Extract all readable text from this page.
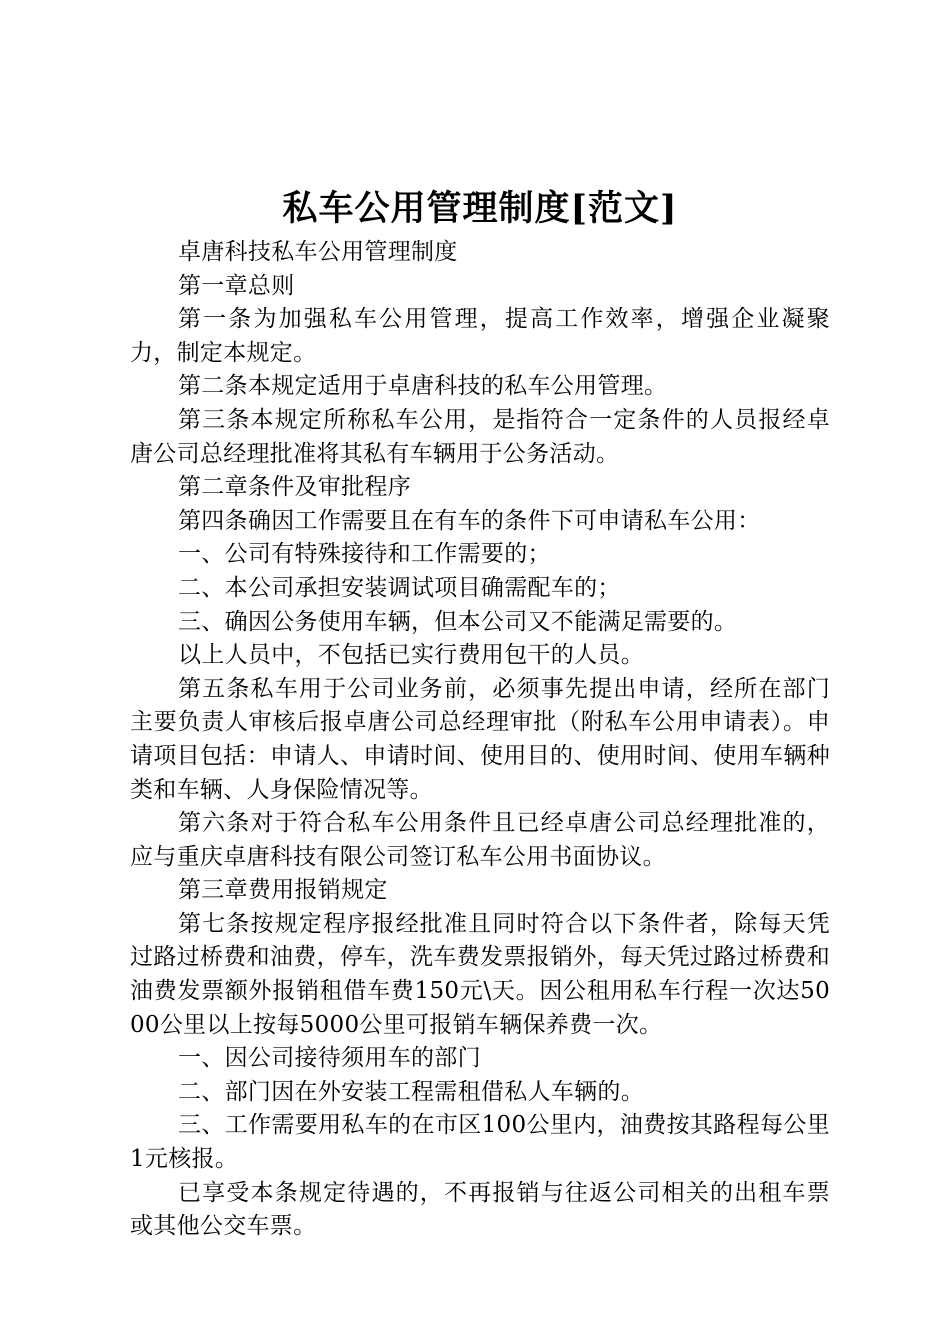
私车公用管理制度[范文]

卓唐科技私车公用管理制度

第一章总则

第一条为加强私车公用管理，提高工作效率，增强企业凝聚力，制定本规定。

第二条本规定适用于卓唐科技的私车公用管理。

第三条本规定所称私车公用，是指符合一定条件的人员报经卓唐公司总经理批准将其私有车辆用于公务活动。

第二章条件及审批程序

第四条确因工作需要且在有车的条件下可申请私车公用：

一、公司有特殊接待和工作需要的；

二、本公司承担安装调试项目确需配车的；

三、确因公务使用车辆，但本公司又不能满足需要的。

以上人员中，不包括已实行费用包干的人员。

第五条私车用于公司业务前，必须事先提出申请，经所在部门主要负责人审核后报卓唐公司总经理审批（附私车公用申请表）。申请项目包括：申请人、申请时间、使用目的、使用时间、使用车辆种类和车辆、人身保险情况等。

第六条对于符合私车公用条件且已经卓唐公司总经理批准的，应与重庆卓唐科技有限公司签订私车公用书面协议。

第三章费用报销规定

第七条按规定程序报经批准且同时符合以下条件者，除每天凭过路过桥费和油费，停车，洗车费发票报销外，每天凭过路过桥费和油费发票额外报销租借车费150元\天。因公租用私车行程一次达5000公里以上按每5000公里可报销车辆保养费一次。

一、因公司接待须用车的部门

二、部门因在外安装工程需租借私人车辆的。

三、工作需要用私车的在市区100公里内，油费按其路程每公里1元核报。

已享受本条规定待遇的，不再报销与往返公司相关的出租车票或其他公交车票。
